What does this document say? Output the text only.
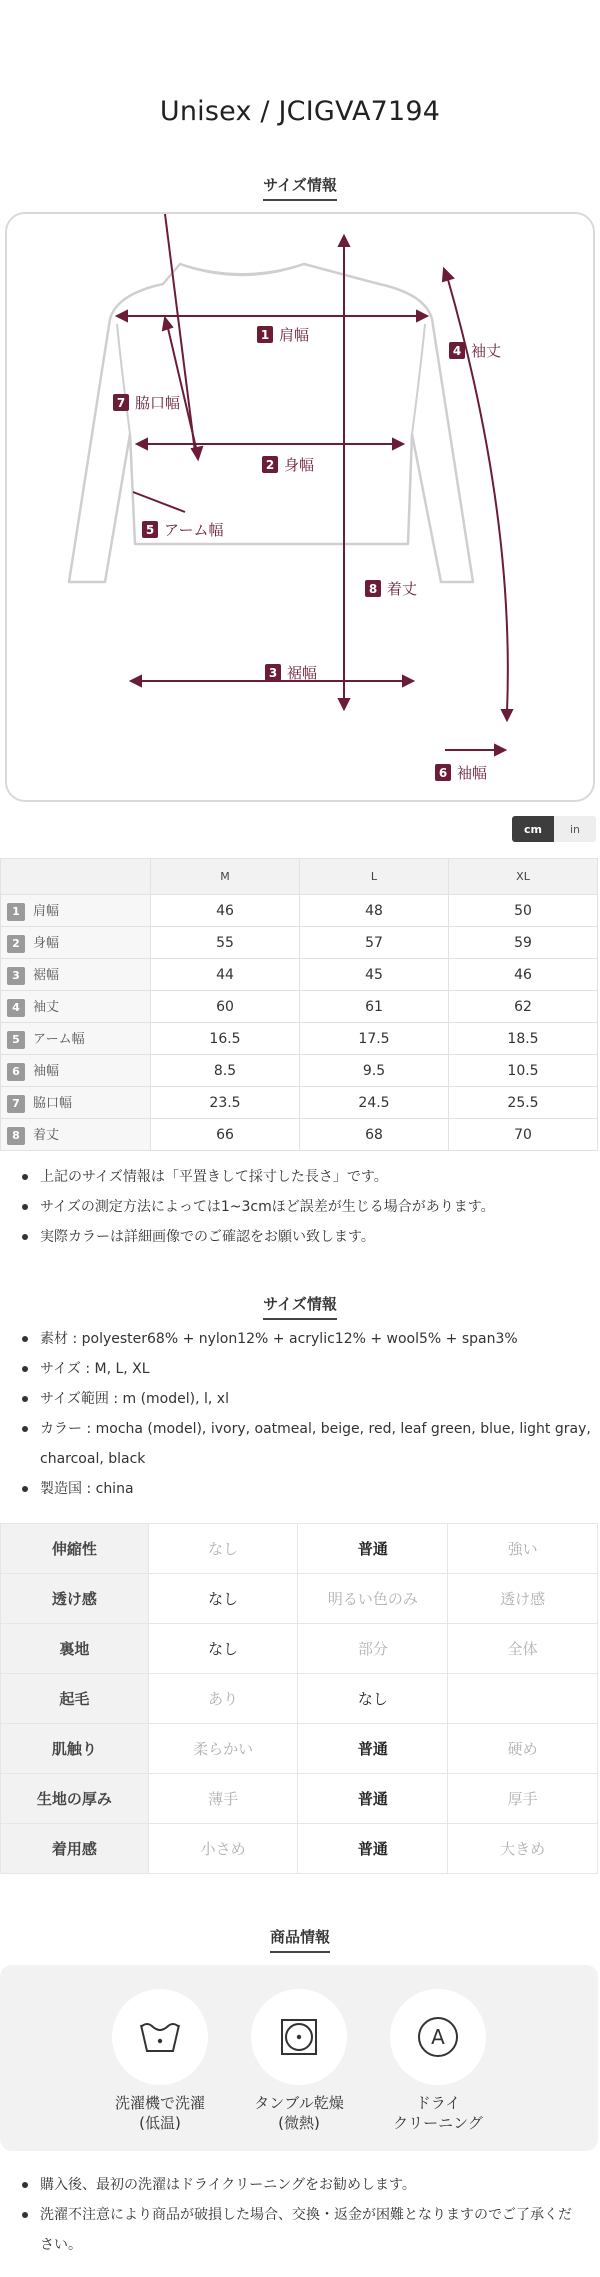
Unisex / JCIGVA7194
サイズ情報
1 肩幅
2 身幅
3 裾幅
4 袖丈
5 アーム幅
6 袖幅
7 脇口幅
8 着丈
cm	in
	M	L	XL
1 肩幅	46	48	50
2 身幅	55	57	59
3 裾幅	44	45	46
4 袖丈	60	61	62
5 アーム幅	16.5	17.5	18.5
6 袖幅	8.5	9.5	10.5
7 脇口幅	23.5	24.5	25.5
8 着丈	66	68	70
上記のサイズ情報は「平置きして採寸した長さ」です。
サイズの測定方法によっては1~3cmほど誤差が生じる場合があります。
実際カラーは詳細画像でのご確認をお願い致します。
サイズ情報
素材 : polyester68% + nylon12% + acrylic12% + wool5% + span3%
サイズ : M, L, XL
サイズ範囲 : m (model), l, xl
カラー : mocha (model), ivory, oatmeal, beige, red, leaf green, blue, light gray, charcoal, black
製造国 : china
伸縮性	なし	普通	強い
透け感	なし	明るい色のみ	透け感
裏地	なし	部分	全体
起毛	あり	なし	
肌触り	柔らかい	普通	硬め
生地の厚み	薄手	普通	厚手
着用感	小さめ	普通	大きめ
商品情報
洗濯機で洗濯
(低温)
タンブル乾燥
(微熱)
A
ドライ
クリーニング
購入後、最初の洗濯はドライクリーニングをお勧めします。
洗濯不注意により商品が破損した場合、交換・返金が困難となりますのでご了承ください。
